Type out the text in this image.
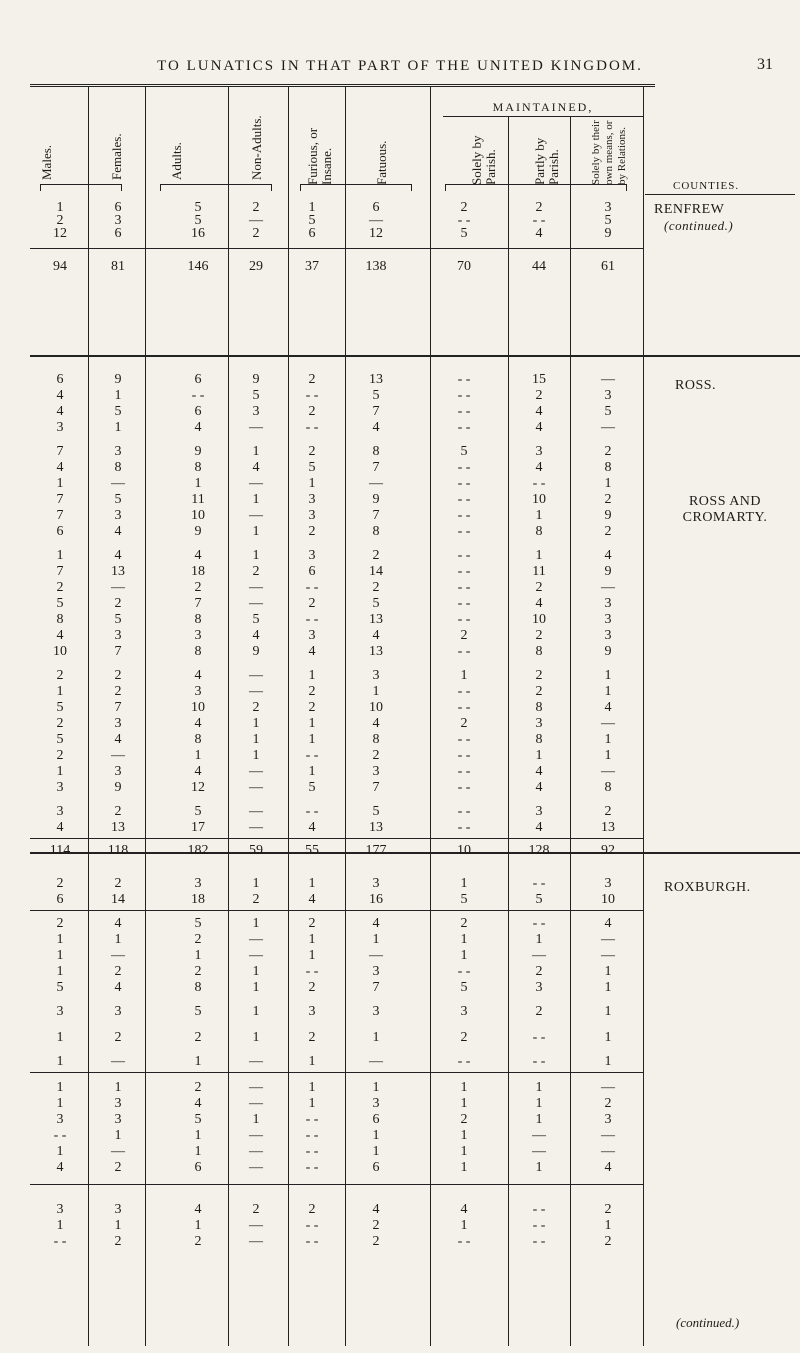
TO LUNATICS IN THAT PART OF THE UNITED KINGDOM.	31
Males.	Females.	Adults.	Non-Adults.	Furious, or Insane.	Fatuous.
MAINTAINED,
Solely by Parish.	Partly by Parish.	Solely by their own means, or by Relations.
COUNTIES.
RENFREW
(continued.)
ROSS.
ROSS AND CROMARTY.
ROXBURGH.
1	6	5	2	1	6	2	2	3
2	3	5	—	5	—	- -	- -	5
12	6	16	2	6	12	5	4	9
94	81	146	29	37	138	70	44	61
6	9	6	9	2	13	- -	15	—
4	1	- -	5	- -	5	- -	2	3
4	5	6	3	2	7	- -	4	5
3	1	4	—	- -	4	- -	4	—
7	3	9	1	2	8	5	3	2
4	8	8	4	5	7	- -	4	8
1	—	1	—	1	—	- -	- -	1
7	5	11	1	3	9	- -	10	2
7	3	10	—	3	7	- -	1	9
6	4	9	1	2	8	- -	8	2
1	4	4	1	3	2	- -	1	4
7	13	18	2	6	14	- -	11	9
2	—	2	—	- -	2	- -	2	—
5	2	7	—	2	5	- -	4	3
8	5	8	5	- -	13	- -	10	3
4	3	3	4	3	4	2	2	3
10	7	8	9	4	13	- -	8	9
2	2	4	—	1	3	1	2	1
1	2	3	—	2	1	- -	2	1
5	7	10	2	2	10	- -	8	4
2	3	4	1	1	4	2	3	—
5	4	8	1	1	8	- -	8	1
2	—	1	1	- -	2	- -	1	1
1	3	4	—	1	3	- -	4	—
3	9	12	—	5	7	- -	4	8
3	2	5	—	- -	5	- -	3	2
4	13	17	—	4	13	- -	4	13
114	118	182	59	55	177	10	128	92
2	2	3	1	1	3	1	- -	3
6	14	18	2	4	16	5	5	10
2	4	5	1	2	4	2	- -	4
1	1	2	—	1	1	1	1	—
1	—	1	—	1	—	1	—	—
1	2	2	1	- -	3	- -	2	1
5	4	8	1	2	7	5	3	1
3	3	5	1	3	3	3	2	1
1	2	2	1	2	1	2	- -	1
1	—	1	—	1	—	- -	- -	1
1	1	2	—	1	1	1	1	—
1	3	4	—	1	3	1	1	2
3	3	5	1	- -	6	2	1	3
- -	1	1	—	- -	1	1	—	—
1	—	1	—	- -	1	1	—	—
4	2	6	—	- -	6	1	1	4
3	3	4	2	2	4	4	- -	2
1	1	1	—	- -	2	1	- -	1
- -	2	2	—	- -	2	- -	- -	2
(continued.)
